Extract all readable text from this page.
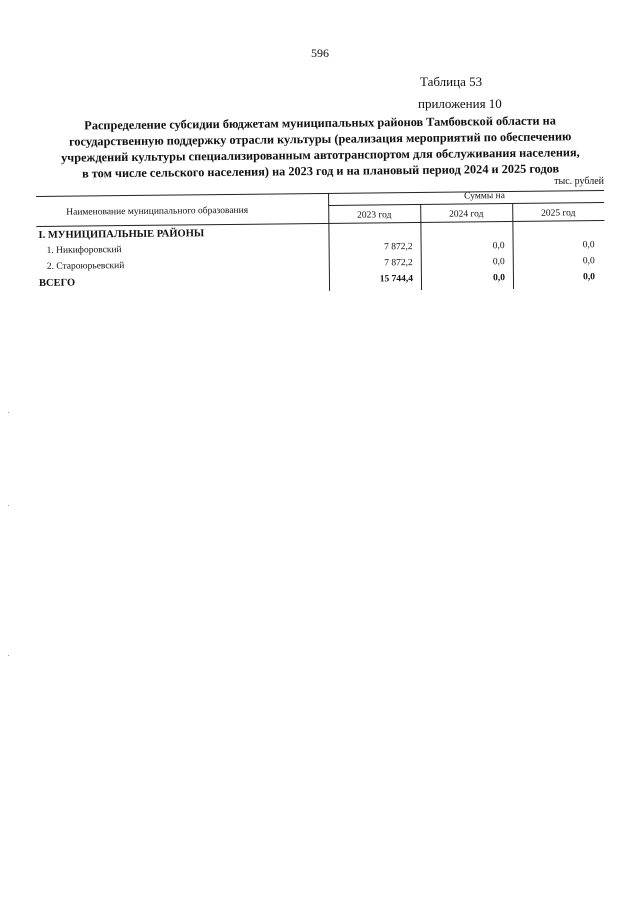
596
Таблица 53
приложения 10
Распределение субсидии бюджетам муниципальных районов Тамбовской области на
государственную поддержку отрасли культуры (реализация мероприятий по обеспечению
учреждений культуры специализированным автотранспортом для обслуживания населения,
в том числе сельского населения) на 2023 год и на плановый период 2024 и 2025 годов
тыс. рублей
Наименование муниципального образования
Суммы на
2023 год	2024 год	2025 год
I. МУНИЦИПАЛЬНЫЕ РАЙОНЫ
1. Никифоровский	7 872,2	0,0	0,0
2. Староюрьевский	7 872,2	0,0	0,0
ВСЕГО	15 744,4	0,0	0,0
